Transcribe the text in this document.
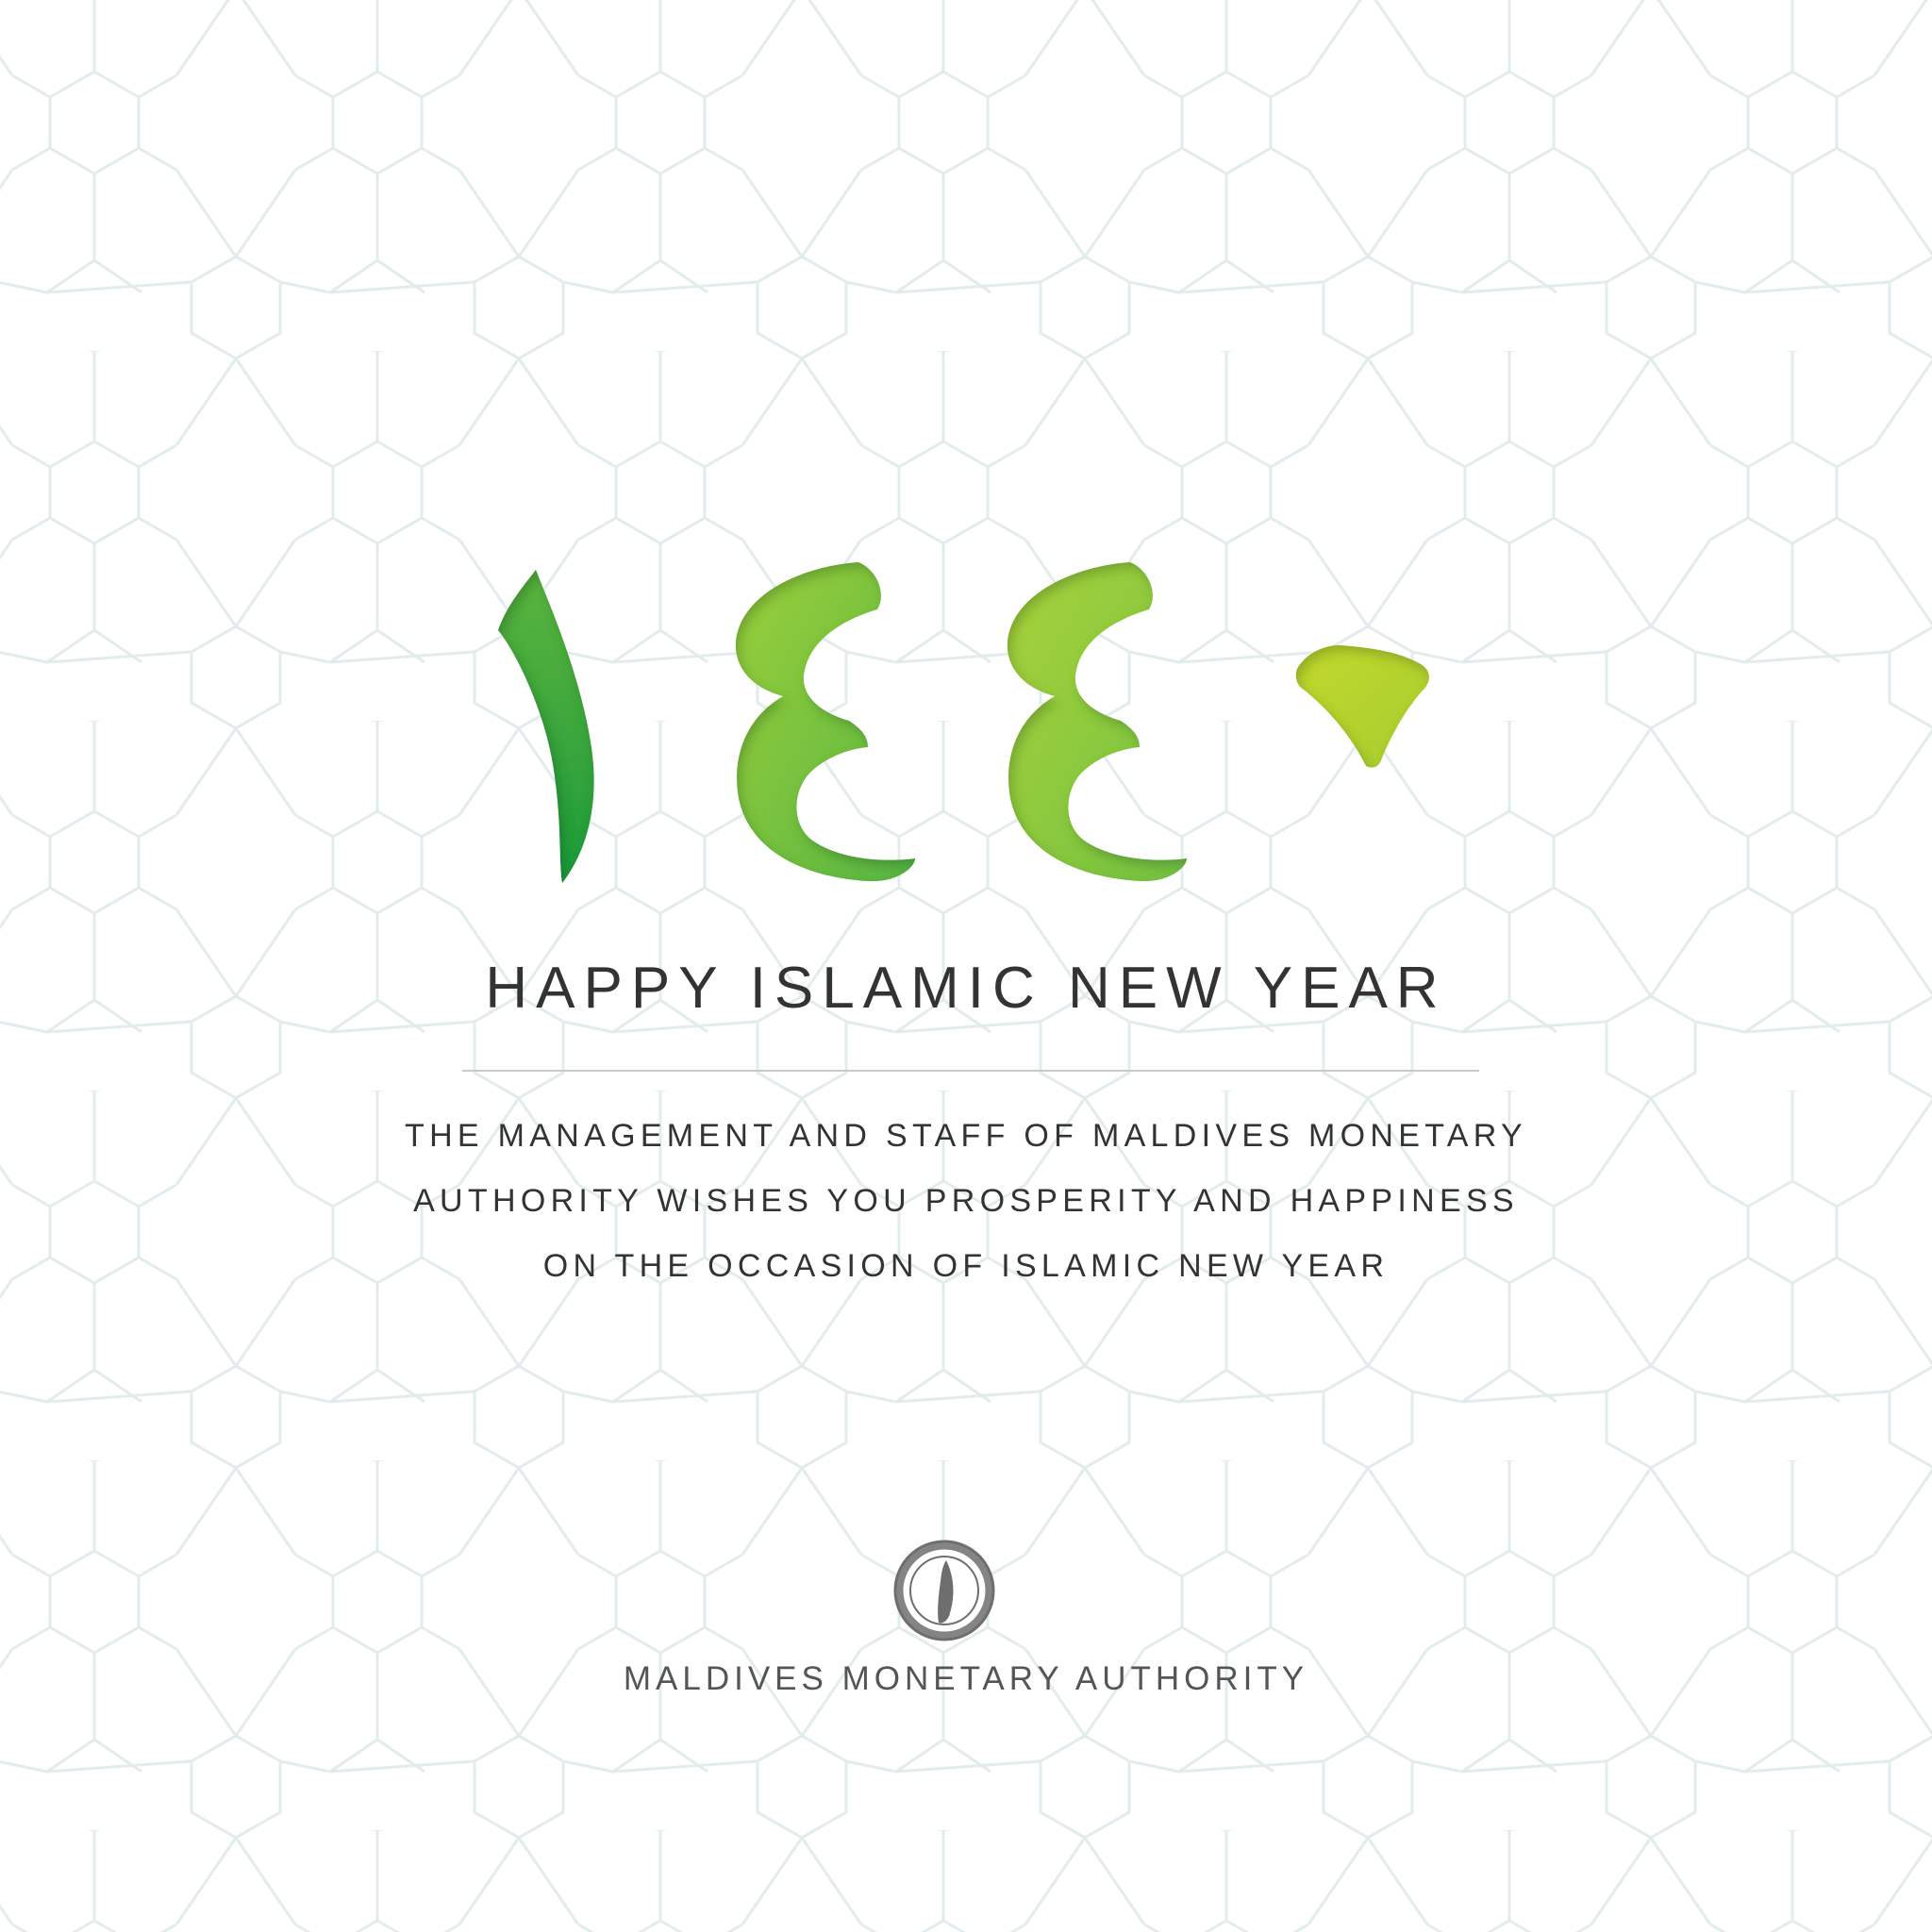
HAPPY ISLAMIC NEW YEAR
THE MANAGEMENT AND STAFF OF MALDIVES MONETARY
AUTHORITY WISHES YOU PROSPERITY AND HAPPINESS
ON THE OCCASION OF ISLAMIC NEW YEAR
MALDIVES MONETARY AUTHORITY
